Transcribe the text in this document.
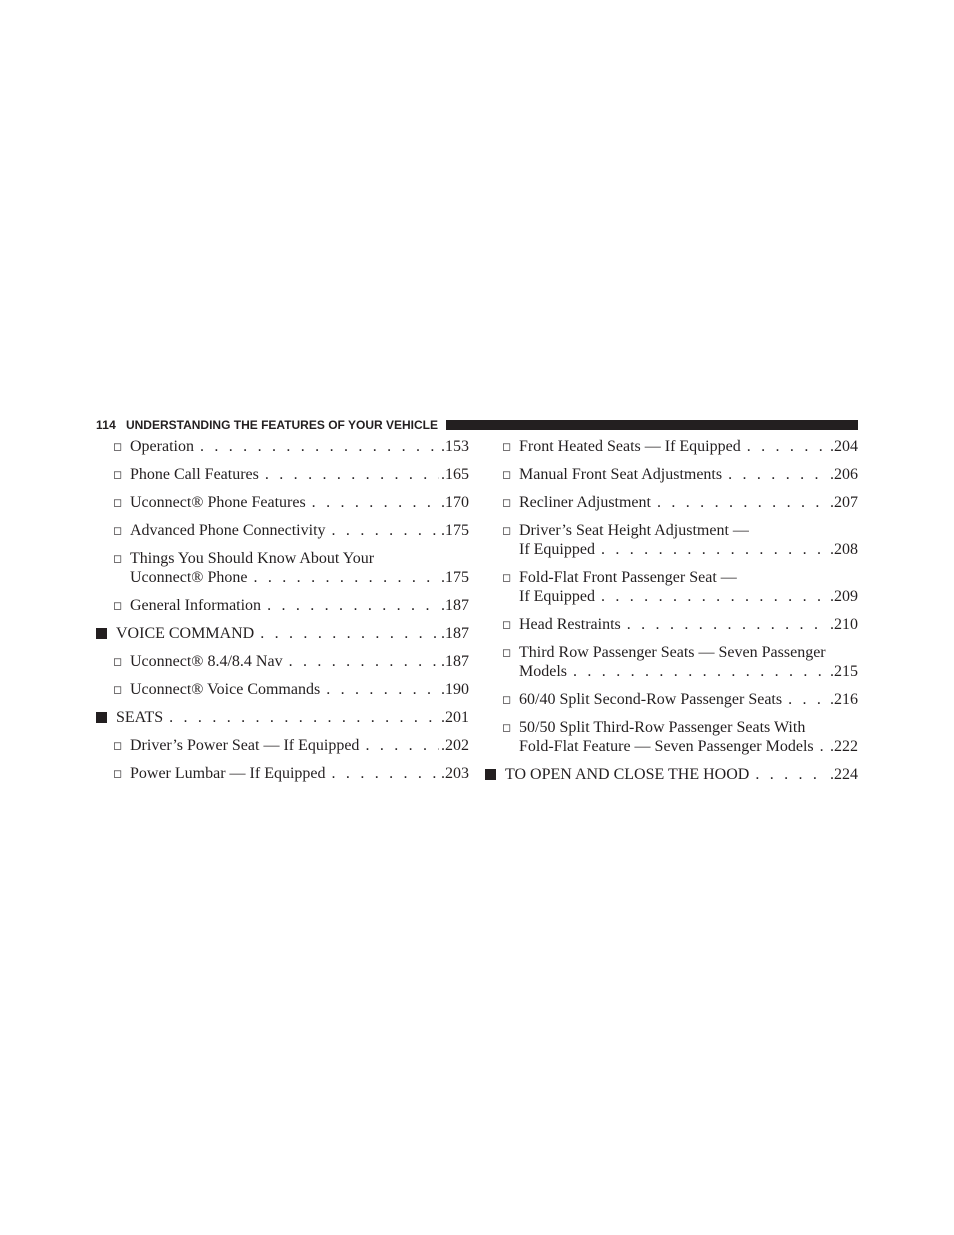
114 UNDERSTANDING THE FEATURES OF YOUR VEHICLE
◻ Operation . . .	.153
◻ Phone Call Features . . .	.165
◻ Uconnect® Phone Features . . .	.170
◻ Advanced Phone Connectivity . . .	.175
◻ Things You Should Know About Your
Uconnect® Phone . . .	.175
◻ General Information . . .	.187
VOICE COMMAND . . .	.187
◻ Uconnect® 8.4/8.4 Nav . . .	.187
◻ Uconnect® Voice Commands . . .	.190
SEATS . . .	.201
◻ Driver’s Power Seat — If Equipped . . .	.202
◻ Power Lumbar — If Equipped . . .	.203
◻ Front Heated Seats — If Equipped . . .	.204
◻ Manual Front Seat Adjustments . . .	.206
◻ Recliner Adjustment . . .	.207
◻ Driver’s Seat Height Adjustment —
If Equipped . . .	.208
◻ Fold-Flat Front Passenger Seat —
If Equipped . . .	.209
◻ Head Restraints . . .	.210
◻ Third Row Passenger Seats — Seven Passenger
Models . . .	.215
◻ 60/40 Split Second-Row Passenger Seats . . .	.216
◻ 50/50 Split Third-Row Passenger Seats With
Fold-Flat Feature — Seven Passenger Models . . . .222
TO OPEN AND CLOSE THE HOOD . . .	.224
